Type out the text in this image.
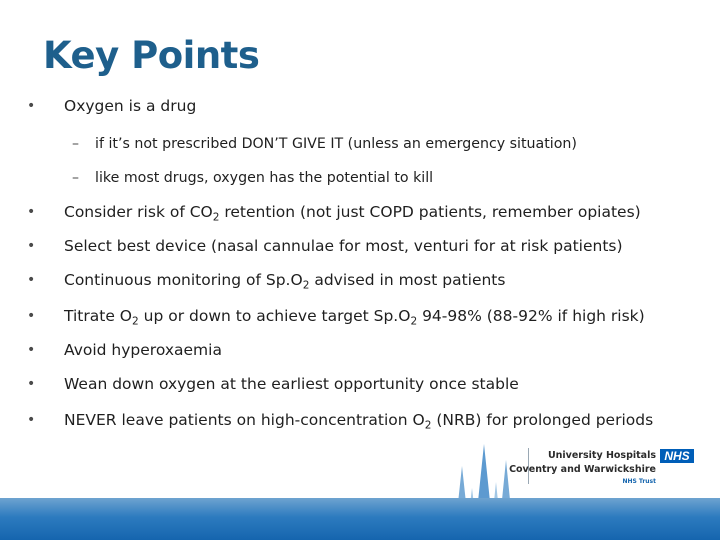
Key Points
• Oxygen is a drug
– if it’s not prescribed DON’T GIVE IT (unless an emergency situation)
– like most drugs, oxygen has the potential to kill
• Consider risk of $CO_2$ retention (not just COPD patients, remember opiates)
• Select best device (nasal cannulae for most, venturi for at risk patients)
• Continuous monitoring of $Sp.O_2$ advised in most patients
• Titrate $O_2$ up or down to achieve target $Sp.O_2$ 94-98% (88-92% if high risk)
• Avoid hyperoxaemia
• Wean down oxygen at the earliest opportunity once stable
• NEVER leave patients on high-concentration $O_2$ (NRB) for prolonged periods
University Hospitals
Coventry and Warwickshire
NHS Trust
NHS
